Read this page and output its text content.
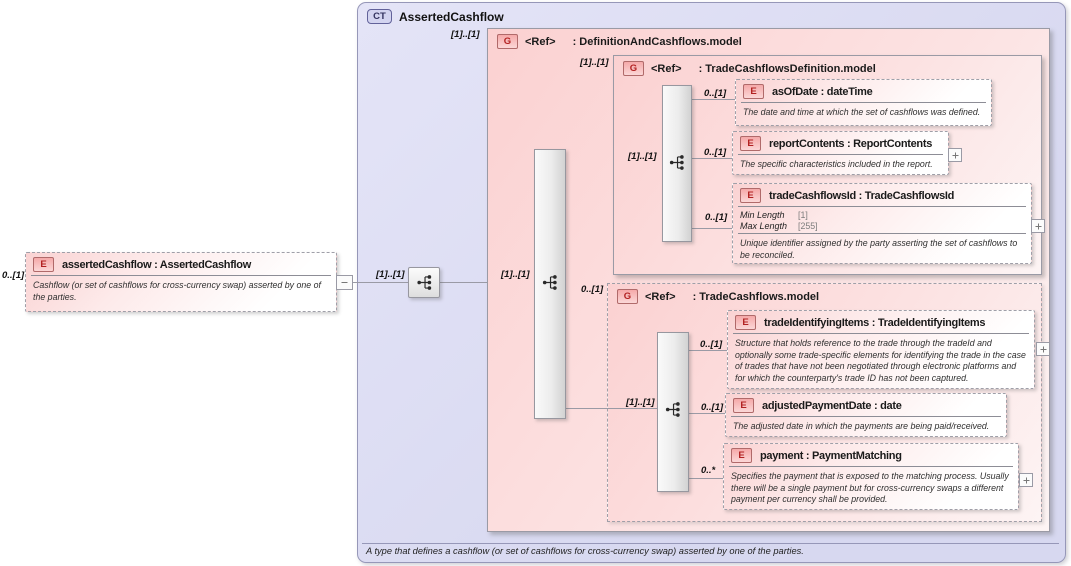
CT	AssertedCashflow
A type that defines a cashflow (or set of cashflows for cross-currency swap) asserted by one of the parties.
0..[1]
E	assertedCashflow : AssertedCashflow
Cashflow (or set of cashflows for cross-currency swap) asserted by one of the parties.
[1]..[1]
[1]..[1]
G	<Ref> : DefinitionAndCashflows.model
[1]..[1]
[1]..[1]
G	<Ref> : TradeCashflowsDefinition.model
[1]..[1]
0..[1]	E	asOfDate : dateTime
The date and time at which the set of cashflows was defined.
0..[1]
E	reportContents : ReportContents
The specific characteristics included in the report.
0..[1]
E	tradeCashflowsId : TradeCashflowsId
Min Length	[1]
Max Length	[255]
Unique identifier assigned by the party asserting the set of cashflows to be reconciled.
0..[1]
G	<Ref> : TradeCashflows.model
[1]..[1]
0..[1]
E	tradeIdentifyingItems : TradeIdentifyingItems
Structure that holds reference to the trade through the tradeId and optionally some trade-specific elements for identifying the trade in the case of trades that have not been negotiated through electronic platforms and for which the counterparty's trade ID has not been captured.
0..[1]	E	adjustedPaymentDate : date
The adjusted date in which the payments are being paid/received.
0..*
E	payment : PaymentMatching
Specifies the payment that is exposed to the matching process. Usually there will be a single payment but for cross-currency swaps a different payment per currency shall be provided.
